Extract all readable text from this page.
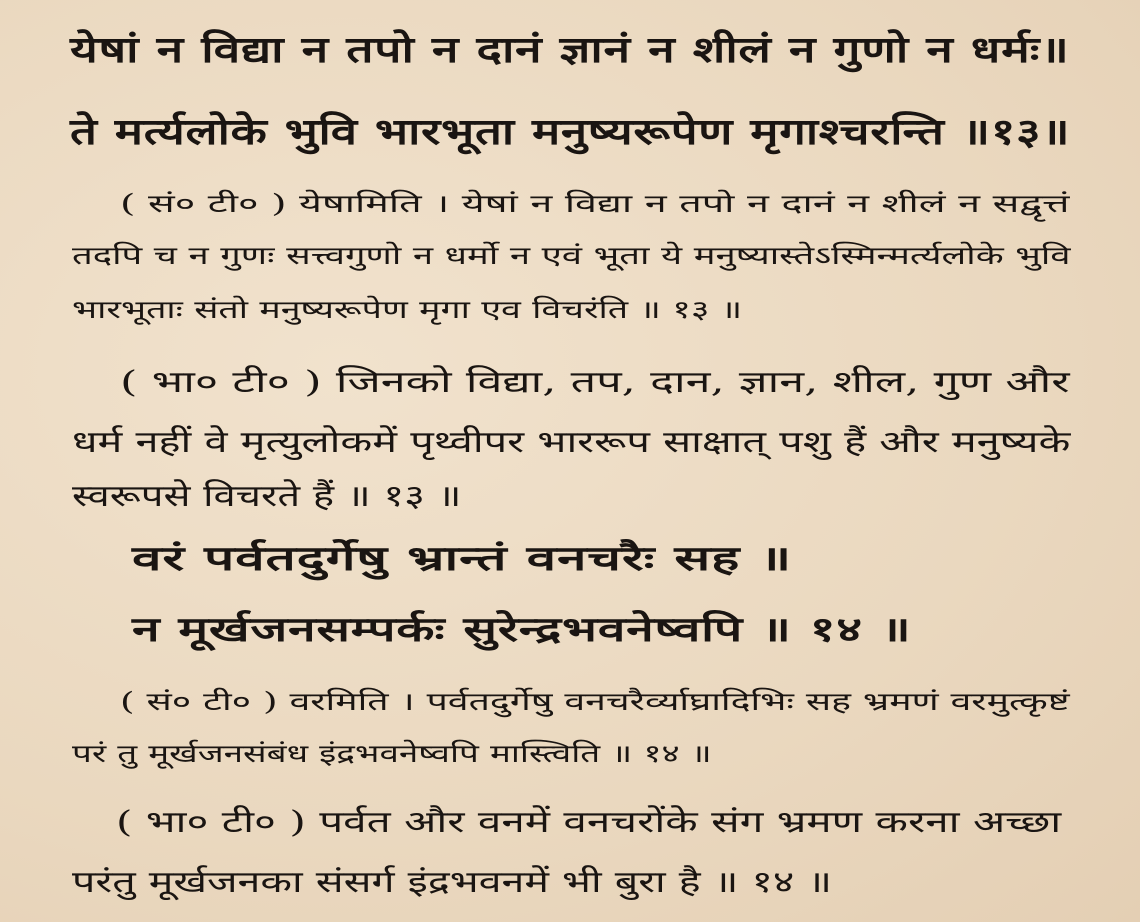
येषां न विद्या न तपो न दानं ज्ञानं न शीलं न गुणो न धर्मः॥
ते मर्त्यलोके भुवि भारभूता मनुष्यरूपेण मृगाश्चरन्ति ॥१३॥
( सं० टी० ) येषामिति । येषां न विद्या न तपो न दानं न शीलं न सद्वृत्तं
तदपि च न गुणः सत्त्वगुणो न धर्मो न एवं भूता ये मनुष्यास्तेऽस्मिन्मर्त्यलोके भुवि
भारभूताः संतो मनुष्यरूपेण मृगा एव विचरंति ॥ १३ ॥
( भा० टी० ) जिनको विद्या, तप, दान, ज्ञान, शील, गुण और
धर्म नहीं वे मृत्युलोकमें पृथ्वीपर भाररूप साक्षात् पशु हैं और मनुष्यके
स्वरूपसे विचरते हैं ॥ १३ ॥
वरं पर्वतदुर्गेषु भ्रान्तं वनचरैः सह ॥
न मूर्खजनसम्पर्कः सुरेन्द्रभवनेष्वपि ॥ १४ ॥
( सं० टी० ) वरमिति । पर्वतदुर्गेषु वनचरैर्व्याघ्रादिभिः सह भ्रमणं वरमुत्कृष्टं
परं तु मूर्खजनसंबंध इंद्रभवनेष्वपि मास्त्विति ॥ १४ ॥
( भा० टी० ) पर्वत और वनमें वनचरोंके संग भ्रमण करना अच्छा
परंतु मूर्खजनका संसर्ग इंद्रभवनमें भी बुरा है ॥ १४ ॥
